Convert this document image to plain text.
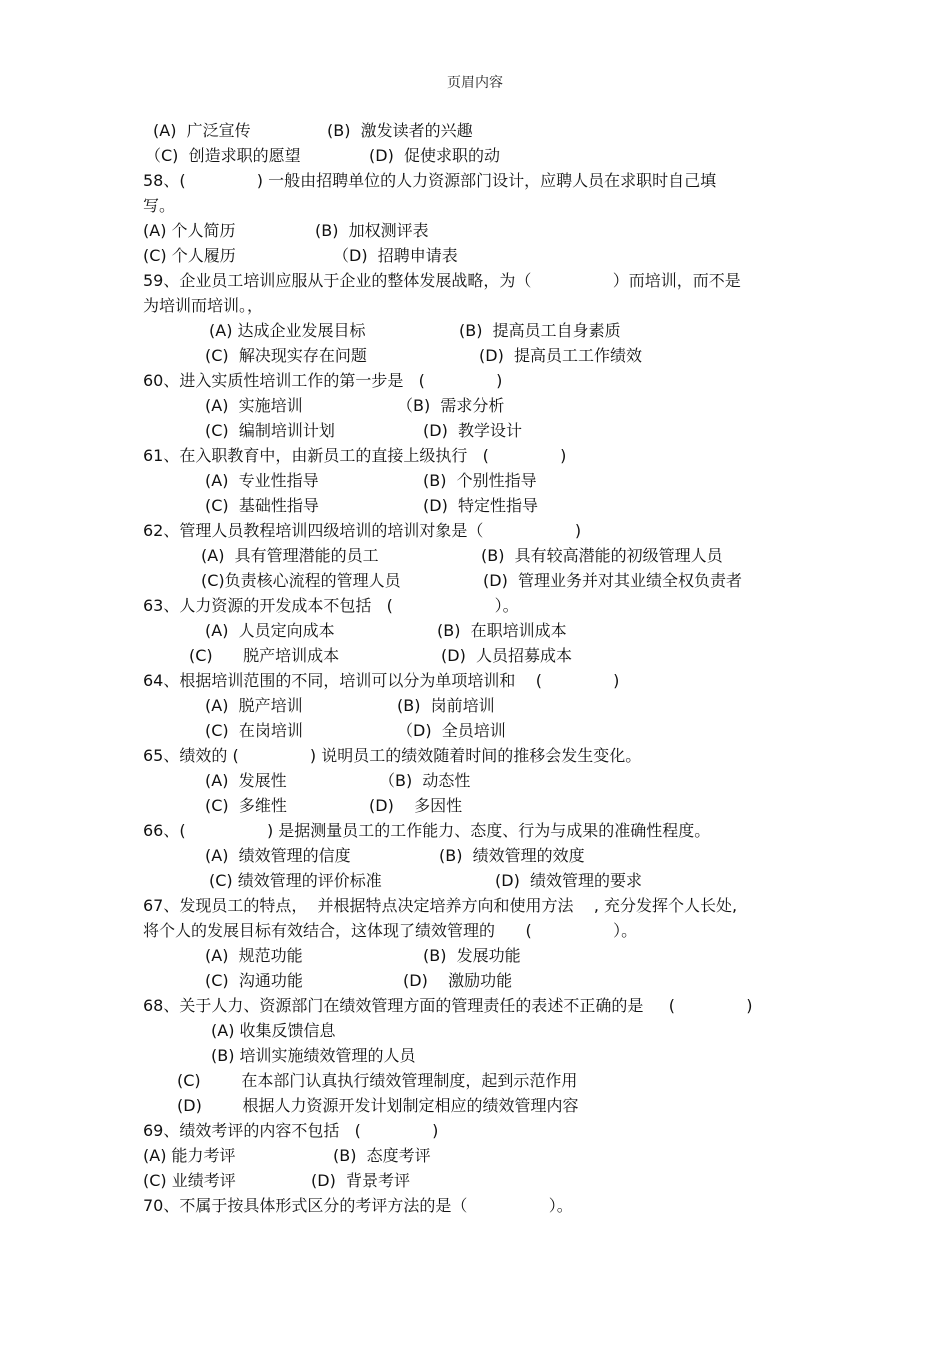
页眉内容
(A)  广泛宣传	(B)  激发读者的兴趣
（C)  创造求职的愿望	(D)  促使求职的动
58、(              ) 一般由招聘单位的人力资源部门设计，应聘人员在求职时自己填
写。
(A) 个人简历	(B)  加权测评表
(C) 个人履历	（D)  招聘申请表
59、企业员工培训应服从于企业的整体发展战略，为（                ）而培训，而不是
为培训而培训。，
(A) 达成企业发展目标	(B)  提高员工自身素质
(C)  解决现实存在问题	(D)  提高员工工作绩效
60、进入实质性培训工作的第一步是   (              )
(A)  实施培训	（B)  需求分析
(C)  编制培训计划	(D)  教学设计
61、在入职教育中，由新员工的直接上级执行   (              )
(A)  专业性指导	(B)  个别性指导
(C)  基础性指导	(D)  特定性指导
62、管理人员教程培训四级培训的培训对象是（                  )
(A)  具有管理潜能的员工	(B)  具有较高潜能的初级管理人员
(C)负责核心流程的管理人员	(D)  管理业务并对其业绩全权负责者
63、人力资源的开发成本不包括   (                    ）。
(A)  人员定向成本	(B)  在职培训成本
(C)      脱产培训成本	(D)  人员招募成本
64、根据培训范围的不同，培训可以分为单项培训和    (              )
(A)  脱产培训	(B)  岗前培训
(C)  在岗培训	（D)  全员培训
65、绩效的 (              ) 说明员工的绩效随着时间的推移会发生变化。
(A)  发展性	（B)  动态性
(C)  多维性	(D)    多因性
66、(                ) 是据测量员工的工作能力、态度、行为与成果的准确性程度。
(A)  绩效管理的信度	(B)  绩效管理的效度
(C) 绩效管理的评价标准	(D)  绩效管理的要求
67、发现员工的特点，  并根据特点决定培养方向和使用方法    , 充分发挥个人长处,
将个人的发展目标有效结合，这体现了绩效管理的      (                ）。
(A)  规范功能	(B)  发展功能
(C)  沟通功能	(D)    激励功能
68、关于人力、资源部门在绩效管理方面的管理责任的表述不正确的是     (              )
(A) 收集反馈信息
(B) 培训实施绩效管理的人员
(C)        在本部门认真执行绩效管理制度，起到示范作用
(D)        根据人力资源开发计划制定相应的绩效管理内容
69、绩效考评的内容不包括   (              )
(A) 能力考评	(B)  态度考评
(C) 业绩考评	(D)  背景考评
70、不属于按具体形式区分的考评方法的是（                ）。
